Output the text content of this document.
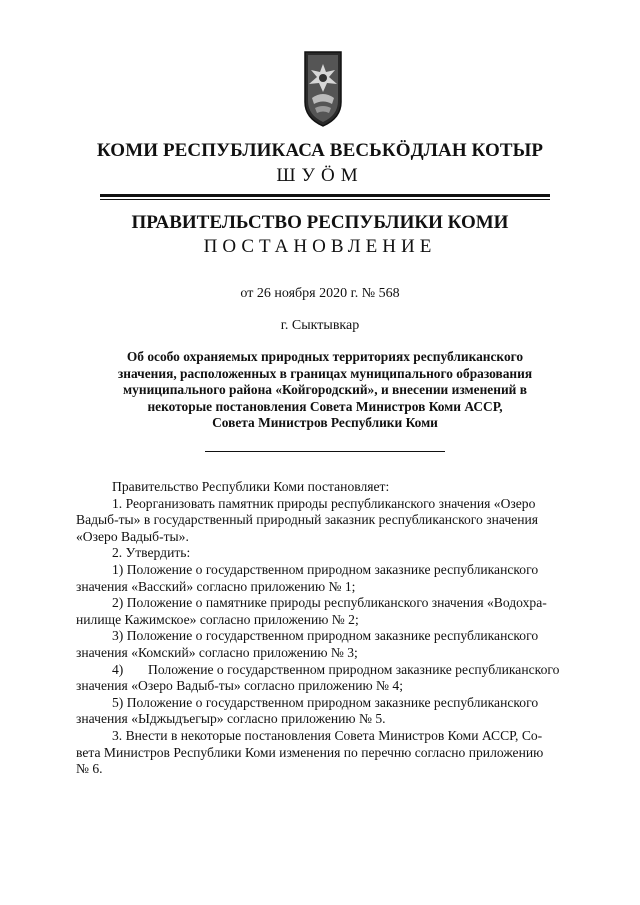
КОМИ РЕСПУБЛИКАСА ВЕСЬКÖДЛАН КОТЫР
ШУÖМ
ПРАВИТЕЛЬСТВО РЕСПУБЛИКИ КОМИ
ПОСТАНОВЛЕНИЕ
от 26 ноября 2020 г. № 568
г. Сыктывкар
Об особо охраняемых природных территориях республиканского
значения, расположенных в границах муниципального образования
муниципального района «Койгородский», и внесении изменений в
некоторые постановления Совета Министров Коми АССР,
Совета Министров Республики Коми
Правительство Республики Коми постановляет:
1. Реорганизовать памятник природы республиканского значения «Озеро
Вадыб-ты» в государственный природный заказник республиканского значения
«Озеро Вадыб-ты».
2. Утвердить:
1) Положение о государственном природном заказнике республиканского
значения «Васский» согласно приложению № 1;
2) Положение о памятнике природы республиканского значения «Водохра-
нилище Кажимское» согласно приложению № 2;
3) Положение о государственном природном заказнике республиканского
значения «Комский» согласно приложению № 3;
4) Положение о государственном природном заказнике республиканского
значения «Озеро Вадыб-ты» согласно приложению № 4;
5) Положение о государственном природном заказнике республиканского
значения «Ыджыдъегыр» согласно приложению № 5.
3. Внести в некоторые постановления Совета Министров Коми АССР, Со-
вета Министров Республики Коми изменения по перечню согласно приложению
№ 6.
